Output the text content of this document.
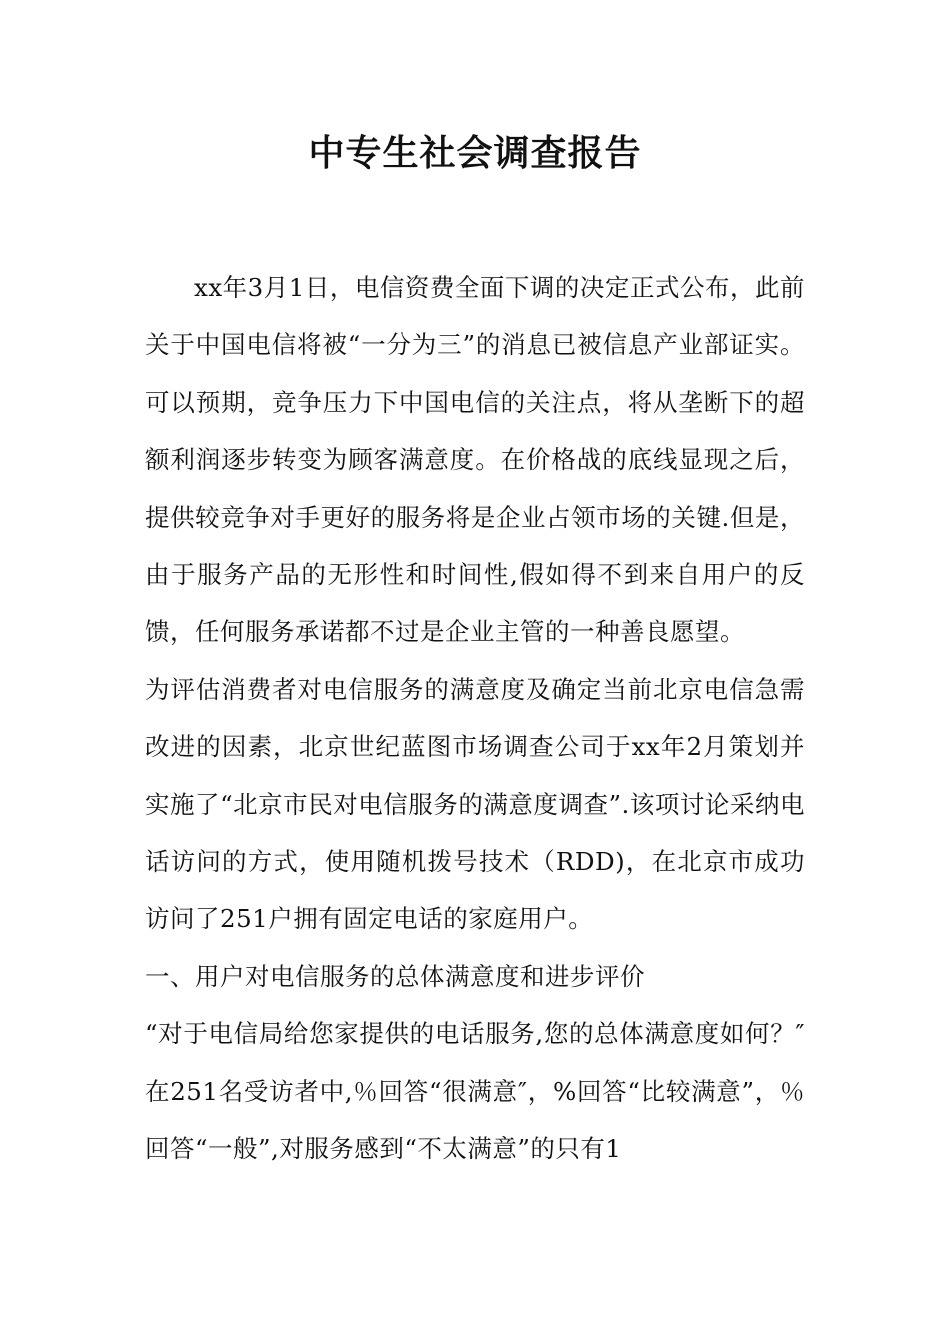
中专生社会调查报告

xx年3月1日，电信资费全面下调的决定正式公布，此前关于中国电信将被“一分为三”的消息已被信息产业部证实。可以预期，竞争压力下中国电信的关注点，将从垄断下的超额利润逐步转变为顾客满意度。在价格战的底线显现之后，提供较竞争对手更好的服务将是企业占领市场的关键.但是，由于服务产品的无形性和时间性,假如得不到来自用户的反馈，任何服务承诺都不过是企业主管的一种善良愿望。

为评估消费者对电信服务的满意度及确定当前北京电信急需改进的因素，北京世纪蓝图市场调查公司于xx年2月策划并实施了“北京市民对电信服务的满意度调查”.该项讨论采纳电话访问的方式，使用随机拨号技术（RDD)，在北京市成功访问了251户拥有固定电话的家庭用户。

一、用户对电信服务的总体满意度和进步评价

“对于电信局给您家提供的电话服务,您的总体满意度如何？″在251名受访者中,％回答“很满意″，%回答“比较满意”，％回答“一般”,对服务感到“不太满意”的只有1
